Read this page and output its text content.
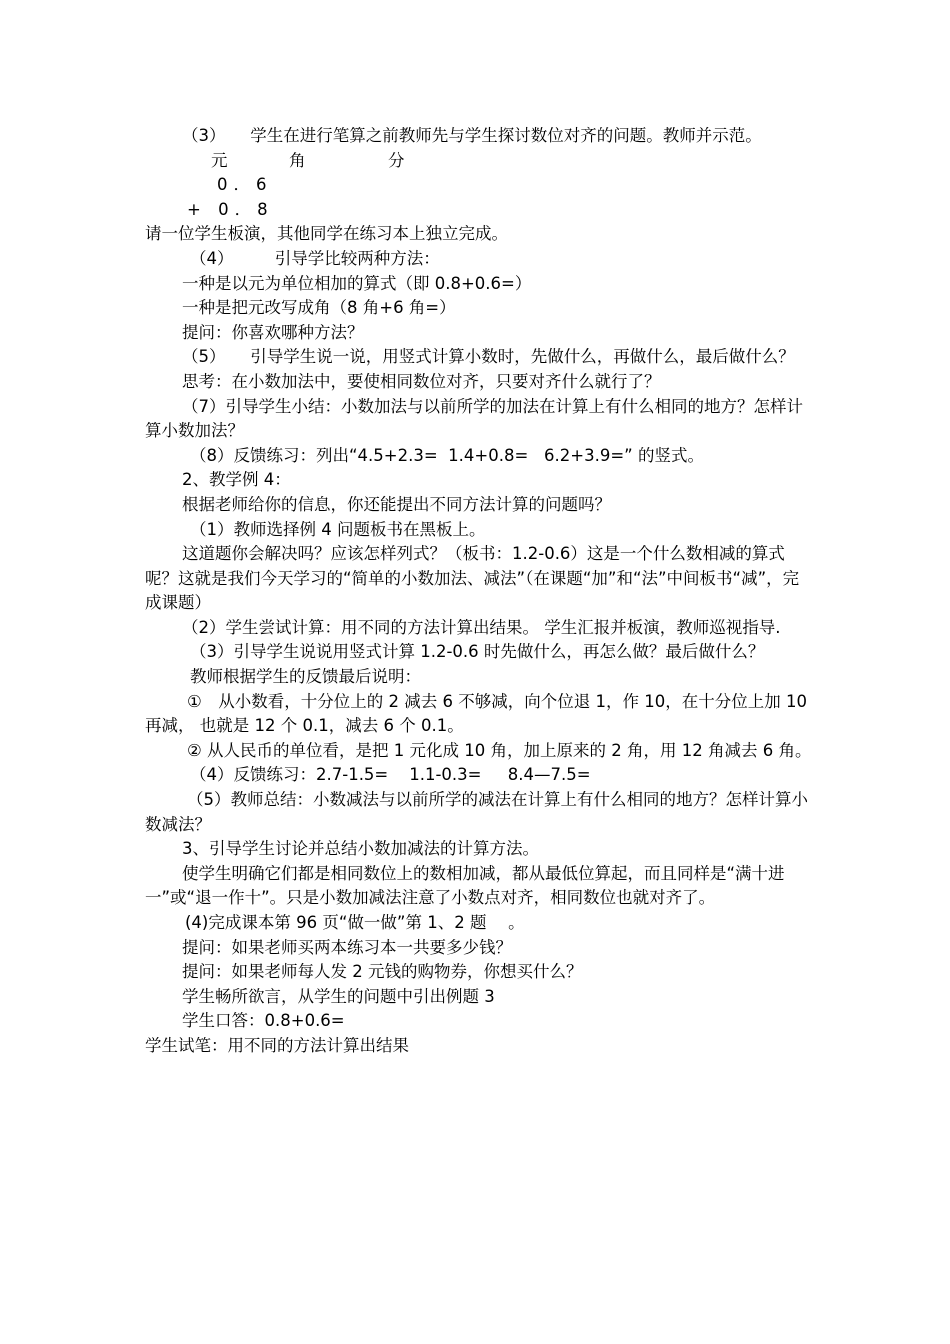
（3）　　学生在进行笔算之前教师先与学生探讨数位对齐的问题。教师并示范。

元	角	分

0．6

+ 0．8

请一位学生板演，其他同学在练习本上独立完成。

（4）　　　引导学比较两种方法：

一种是以元为单位相加的算式（即 0.8+0.6=）

一种是把元改写成角（8 角+6 角=）

提问：你喜欢哪种方法？

（5）　　引导学生说一说，用竖式计算小数时，先做什么，再做什么，最后做什么？

思考：在小数加法中，要使相同数位对齐，只要对齐什么就行了？

（7）引导学生小结：小数加法与以前所学的加法在计算上有什么相同的地方？怎样计算小数加法？

（8）反馈练习：列出“4.5+2.3=  1.4+0.8=   6.2+3.9=” 的竖式。

2、教学例 4：

根据老师给你的信息，你还能提出不同方法计算的问题吗？

（1）教师选择例 4 问题板书在黑板上。

这道题你会解决吗？应该怎样列式？（板书：1.2-0.6）这是一个什么数相减的算式呢？这就是我们今天学习的“简单的小数加法、减法”（在课题“加”和“法”中间板书“减”，完成课题）

（2）学生尝试计算：用不同的方法计算出结果。 学生汇报并板演，教师巡视指导.

（3）引导学生说说用竖式计算 1.2-0.6 时先做什么，再怎么做？最后做什么？

教师根据学生的反馈最后说明：

①　从小数看，十分位上的 2 减去 6 不够减，向个位退 1，作 10，在十分位上加 10 再减， 也就是 12 个 0.1，减去 6 个 0.1。

② 从人民币的单位看，是把 1 元化成 10 角，加上原来的 2 角，用 12 角减去 6 角。

（4）反馈练习：2.7-1.5=    1.1-0.3=     8.4—7.5=

（5）教师总结：小数减法与以前所学的减法在计算上有什么相同的地方？怎样计算小数减法？

3、引导学生讨论并总结小数加减法的计算方法。

使学生明确它们都是相同数位上的数相加减，都从最低位算起，而且同样是“满十进一”或“退一作十”。只是小数加减法注意了小数点对齐，相同数位也就对齐了。

(4)完成课本第 96 页“做一做”第 1、2 题　 。

提问：如果老师买两本练习本一共要多少钱？

提问：如果老师每人发 2 元钱的购物券，你想买什么？

学生畅所欲言，从学生的问题中引出例题 3

学生口答：0.8+0.6=

学生试笔：用不同的方法计算出结果
